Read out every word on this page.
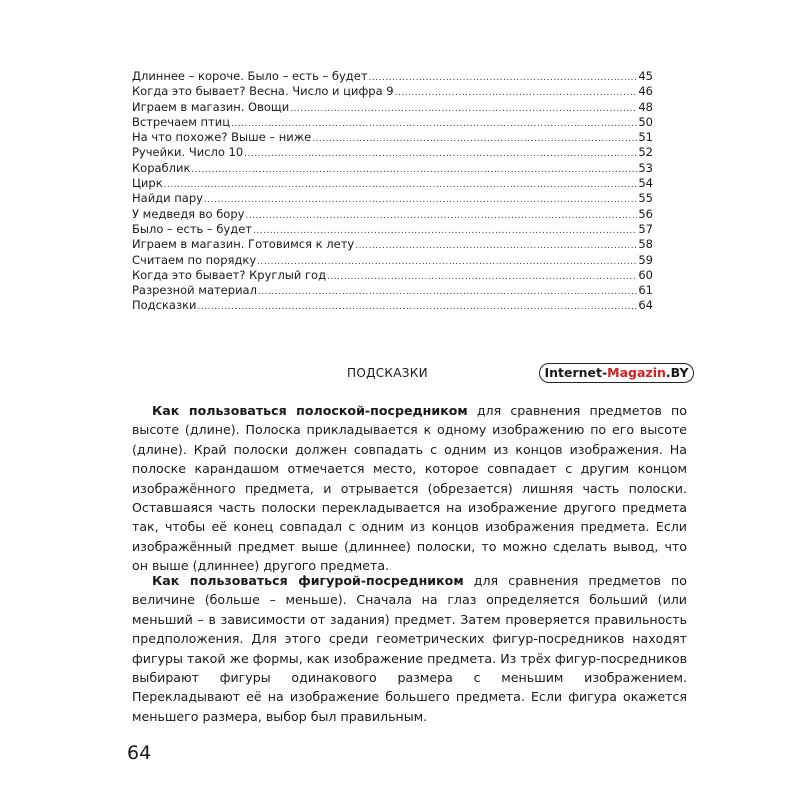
Длиннее – короче. Было – есть – будет .....	45
Когда это бывает? Весна. Число и цифра 9 .....	46
Играем в магазин. Овощи .....	48
Встречаем птиц .....	50
На что похоже? Выше – ниже .....	51
Ручейки. Число 10 .....	52
Кораблик .....	53
Цирк .....	54
Найди пару .....	55
У медведя во бору .....	56
Было – есть – будет .....	57
Играем в магазин. Готовимся к лету .....	58
Считаем по порядку .....	59
Когда это бывает? Круглый год .....	60
Разрезной материал .....	61
Подсказки .....	64
ПОДСКАЗКИ	Internet-Magazin.BY

Как пользоваться полоской-посредником для сравнения предметов по высоте (длине). Полоска прикладывается к одному изображению по его высоте (длине). Край полоски должен совпадать с одним из концов изображения. На полоске карандашом отмечается место, которое совпадает с другим концом изображённого предмета, и отрывается (обрезается) лишняя часть полоски. Оставшаяся часть полоски перекладывается на изображение другого предмета так, чтобы её конец совпадал с одним из концов изображения предмета. Если изображённый предмет выше (длиннее) полоски, то можно сделать вывод, что он выше (длиннее) другого предмета.

Как пользоваться фигурой-посредником для сравнения предметов по величине (больше – меньше). Сначала на глаз определяется больший (или меньший – в зависимости от задания) предмет. Затем проверяется правильность предположения. Для этого среди геометрических фигур-посредников находят фигуры такой же формы, как изображение предмета. Из трёх фигур-посредников выбирают фигуры одинакового размера с меньшим изображением. Перекладывают её на изображение большего предмета. Если фигура окажется меньшего размера, выбор был правильным.

64
